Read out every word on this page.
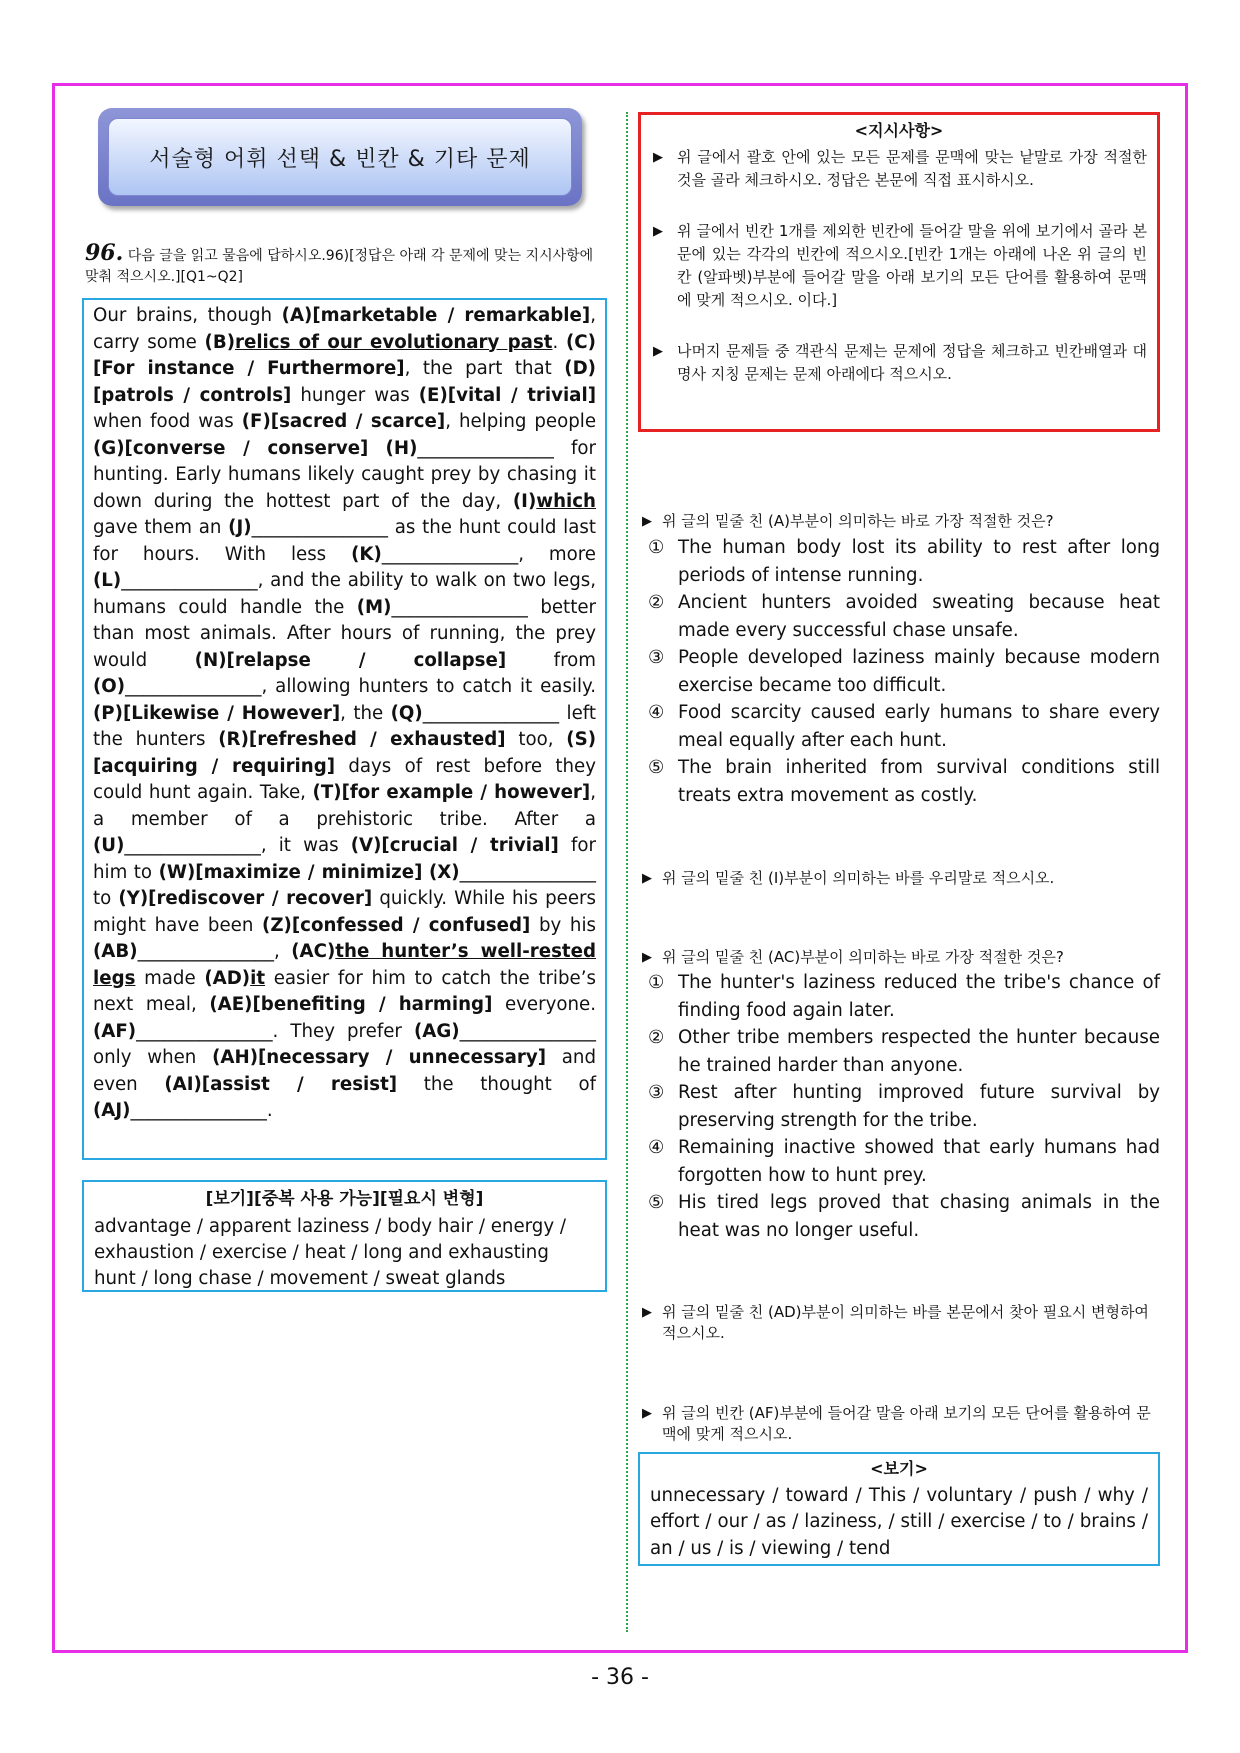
서술형 어휘 선택 & 빈칸 & 기타 문제
96. 다음 글을 읽고 물음에 답하시오.96)[정답은 아래 각 문제에 맞는 지시사항에 맞춰 적으시오.][Q1~Q2]
Our brains, though (A)[marketable / remarkable], carry some (B)relics of our evolutionary past. (C)[For instance / Furthermore], the part that (D)[patrols / controls] hunger was (E)[vital / trivial] when food was (F)[sacred / scarce], helping people (G)[converse / conserve] (H)_______________ for hunting. Early humans likely caught prey by chasing it down during the hottest part of the day, (I)which gave them an (J)_______________ as the hunt could last for hours. With less (K)_______________, more (L)_______________, and the ability to walk on two legs, humans could handle the (M)_______________ better than most animals. After hours of running, the prey would (N)[relapse / collapse] from (O)_______________, allowing hunters to catch it easily. (P)[Likewise / However], the (Q)_______________ left the hunters (R)[refreshed / exhausted] too, (S)[acquiring / requiring] days of rest before they could hunt again. Take, (T)[for example / however], a member of a prehistoric tribe. After a (U)_______________, it was (V)[crucial / trivial] for him to (W)[maximize / minimize] (X)_______________ to (Y)[rediscover / recover] quickly. While his peers might have been (Z)[confessed / confused] by his (AB)_______________, (AC)the hunter’s well-rested legs made (AD)it easier for him to catch the tribe’s next meal, (AE)[benefiting / harming] everyone. (AF)_______________. They prefer (AG)_______________ only when (AH)[necessary / unnecessary] and even (AI)[assist / resist] the thought of (AJ)_______________.
[보기][중복 사용 가능][필요시 변형]
advantage / apparent laziness / body hair / energy / exhaustion / exercise / heat / long and exhausting hunt / long chase / movement / sweat glands
<지시사항>
▶ 위 글에서 괄호 안에 있는 모든 문제를 문맥에 맞는 낱말로 가장 적절한 것을 골라 체크하시오. 정답은 본문에 직접 표시하시오.
▶ 위 글에서 빈칸 1개를 제외한 빈칸에 들어갈 말을 위에 보기에서 골라 본문에 있는 각각의 빈칸에 적으시오.[빈칸 1개는 아래에 나온 위 글의 빈칸 (알파벳)부분에 들어갈 말을 아래 보기의 모든 단어를 활용하여 문맥에 맞게 적으시오. 이다.]
▶ 나머지 문제들 중 객관식 문제는 문제에 정답을 체크하고 빈칸배열과 대명사 지칭 문제는 문제 아래에다 적으시오.
▶ 위 글의 밑줄 친 (A)부분이 의미하는 바로 가장 적절한 것은?
① The human body lost its ability to rest after long periods of intense running.
② Ancient hunters avoided sweating because heat made every successful chase unsafe.
③ People developed laziness mainly because modern exercise became too difficult.
④ Food scarcity caused early humans to share every meal equally after each hunt.
⑤ The brain inherited from survival conditions still treats extra movement as costly.
▶ 위 글의 밑줄 친 (I)부분이 의미하는 바를 우리말로 적으시오.
▶ 위 글의 밑줄 친 (AC)부분이 의미하는 바로 가장 적절한 것은?
① The hunter's laziness reduced the tribe's chance of finding food again later.
② Other tribe members respected the hunter because he trained harder than anyone.
③ Rest after hunting improved future survival by preserving strength for the tribe.
④ Remaining inactive showed that early humans had forgotten how to hunt prey.
⑤ His tired legs proved that chasing animals in the heat was no longer useful.
▶ 위 글의 밑줄 친 (AD)부분이 의미하는 바를 본문에서 찾아 필요시 변형하여 적으시오.
▶ 위 글의 빈칸 (AF)부분에 들어갈 말을 아래 보기의 모든 단어를 활용하여 문맥에 맞게 적으시오.
<보기>
unnecessary / toward / This / voluntary / push / why / effort / our / as / laziness, / still / exercise / to / brains / an / us / is / viewing / tend
- 36 -
